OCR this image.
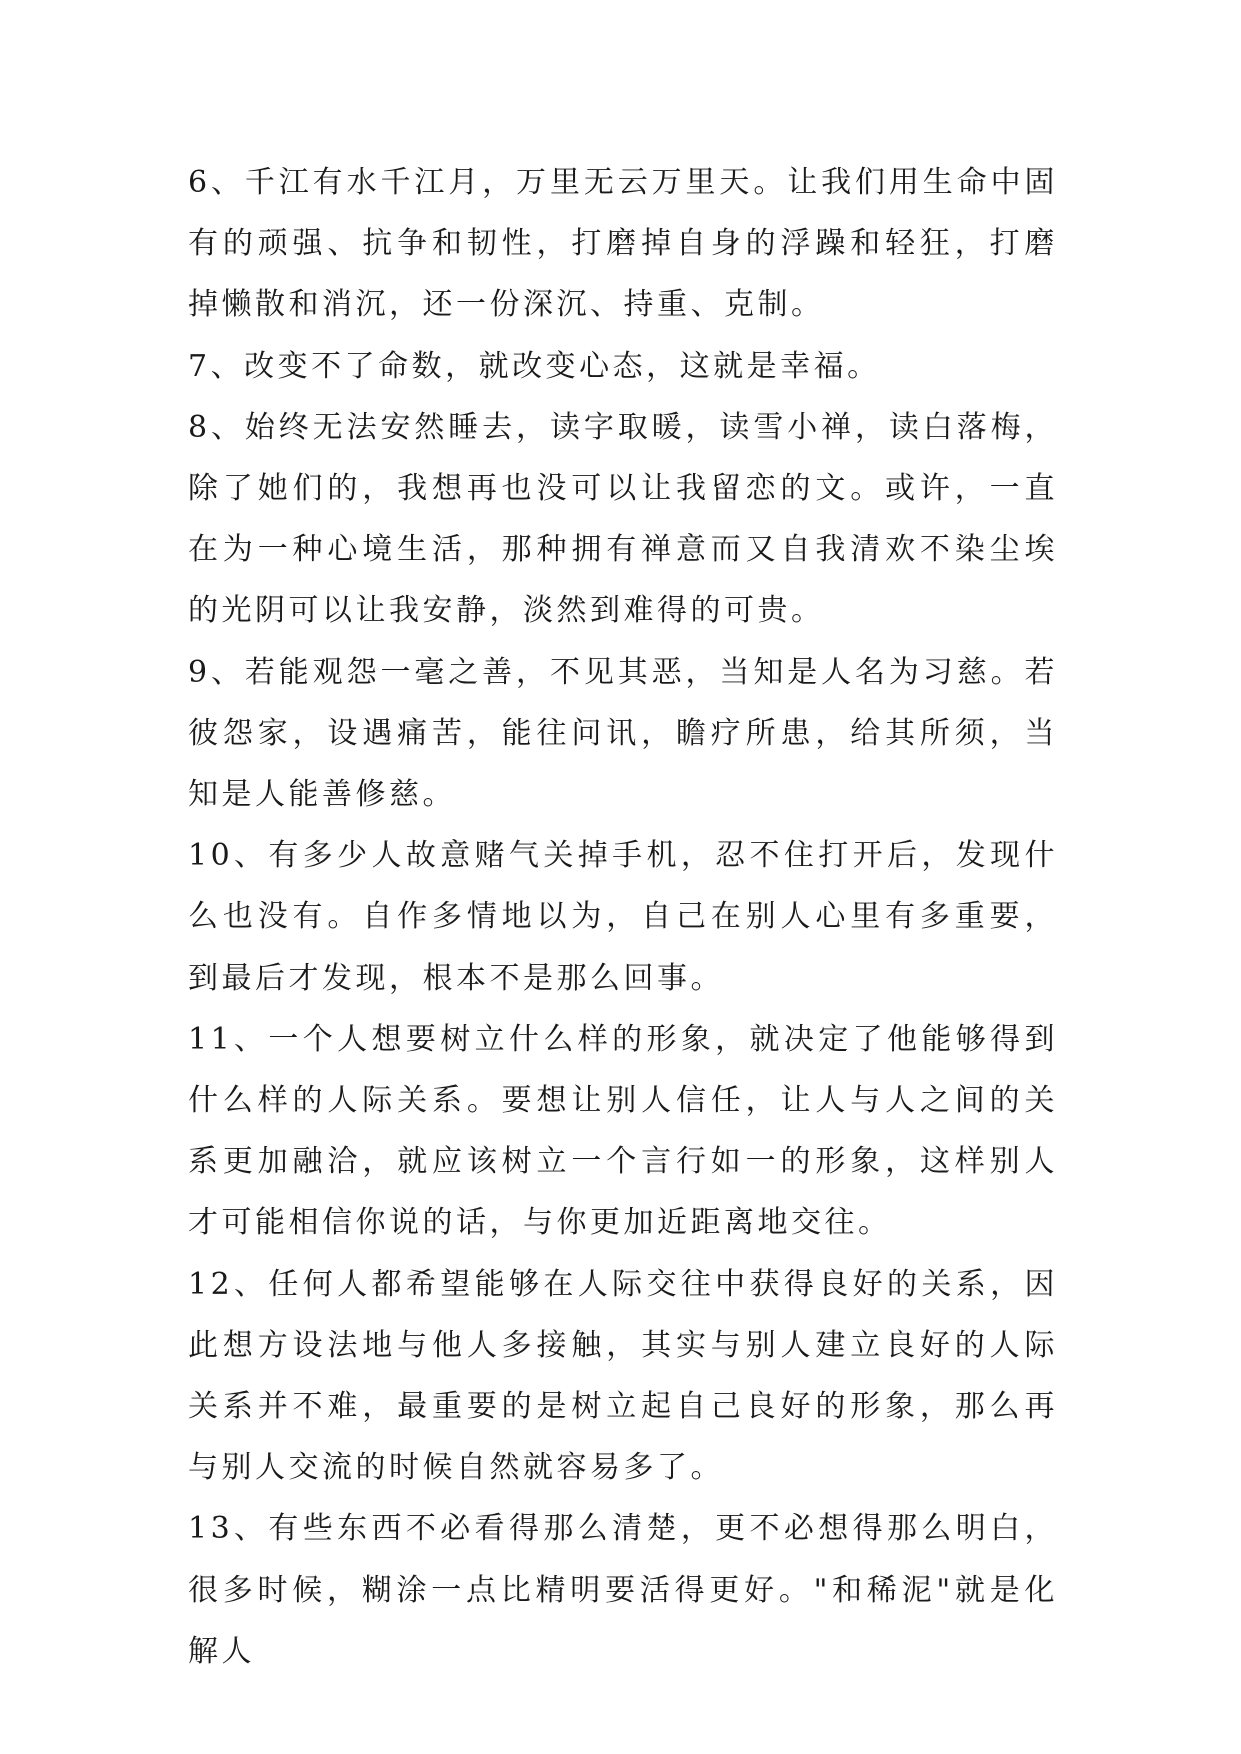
6、千江有水千江月，万里无云万里天。让我们用生命中固有的顽强、抗争和韧性，打磨掉自身的浮躁和轻狂，打磨掉懒散和消沉，还一份深沉、持重、克制。

7、改变不了命数，就改变心态，这就是幸福。

8、始终无法安然睡去，读字取暖，读雪小禅，读白落梅，除了她们的，我想再也没可以让我留恋的文。或许，一直在为一种心境生活，那种拥有禅意而又自我清欢不染尘埃的光阴可以让我安静，淡然到难得的可贵。

9、若能观怨一毫之善，不见其恶，当知是人名为习慈。若彼怨家，设遇痛苦，能往问讯，瞻疗所患，给其所须，当知是人能善修慈。

10、有多少人故意赌气关掉手机，忍不住打开后，发现什么也没有。自作多情地以为，自己在别人心里有多重要，到最后才发现，根本不是那么回事。

11、一个人想要树立什么样的形象，就决定了他能够得到什么样的人际关系。要想让别人信任，让人与人之间的关系更加融洽，就应该树立一个言行如一的形象，这样别人才可能相信你说的话，与你更加近距离地交往。

12、任何人都希望能够在人际交往中获得良好的关系，因此想方设法地与他人多接触，其实与别人建立良好的人际关系并不难，最重要的是树立起自己良好的形象，那么再与别人交流的时候自然就容易多了。

13、有些东西不必看得那么清楚，更不必想得那么明白，很多时候，糊涂一点比精明要活得更好。"和稀泥"就是化解人
